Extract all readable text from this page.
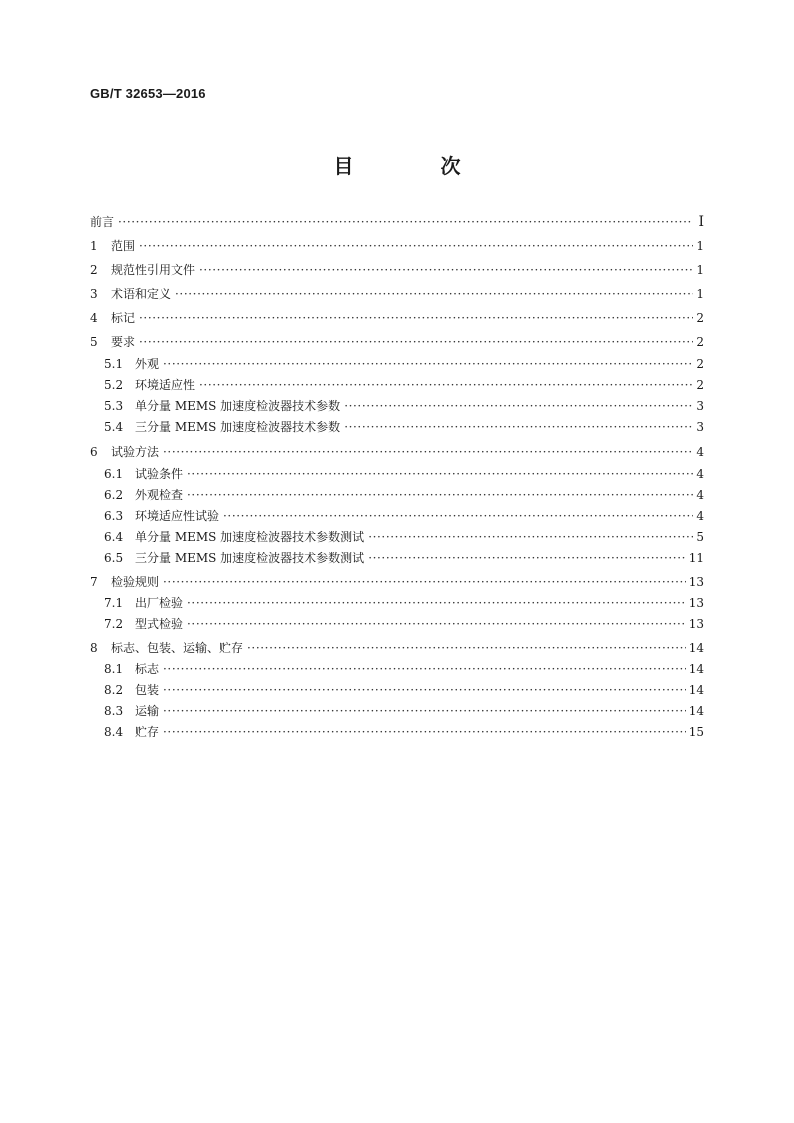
GB/T 32653—2016
目 次
前言 ·····	Ⅰ
1	范围 ·····	1
2	规范性引用文件 ·····	1
3	术语和定义 ·····	1
4	标记 ·····	2
5	要求 ·····	2
5.1 外观 ·····	2
5.2 环境适应性 ·····	2
5.3 单分量 MEMS 加速度检波器技术参数 ·····	3
5.4 三分量 MEMS 加速度检波器技术参数 ·····	3
6	试验方法 ·····	4
6.1 试验条件 ·····	4
6.2 外观检查 ·····	4
6.3 环境适应性试验 ·····	4
6.4 单分量 MEMS 加速度检波器技术参数测试 ·····	5
6.5 三分量 MEMS 加速度检波器技术参数测试 ·····	11
7	检验规则 ·····	13
7.1 出厂检验 ·····	13
7.2 型式检验 ·····	13
8	标志、包装、运输、贮存 ·····	14
8.1 标志 ·····	14
8.2 包装 ·····	14
8.3 运输 ·····	14
8.4 贮存 ·····	15
